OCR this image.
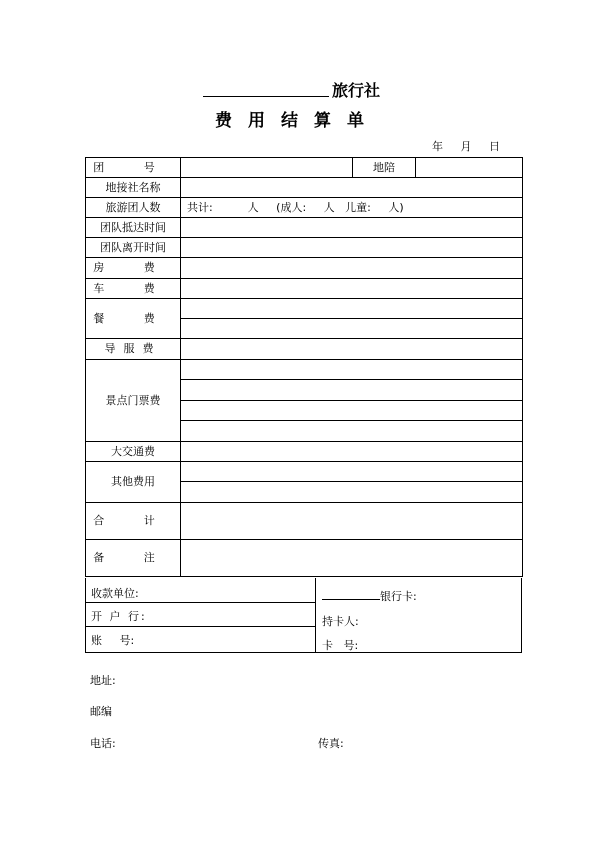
旅行社
费用结算单
年 月 日
团 号		地陪	
地接社名称			
旅游团人数	共计:          人     (成人:     人   儿童:     人)		
团队抵达时间			
团队离开时间			
房 费			
车 费			
餐 费			

导服费			
景点门票费			

大交通费			
其他费用			

合 计			
备 注			
收款单位:
开 户 行:
账     号:
银行卡:
持卡人:
卡   号:
地址:
邮编
电话:	传真:
